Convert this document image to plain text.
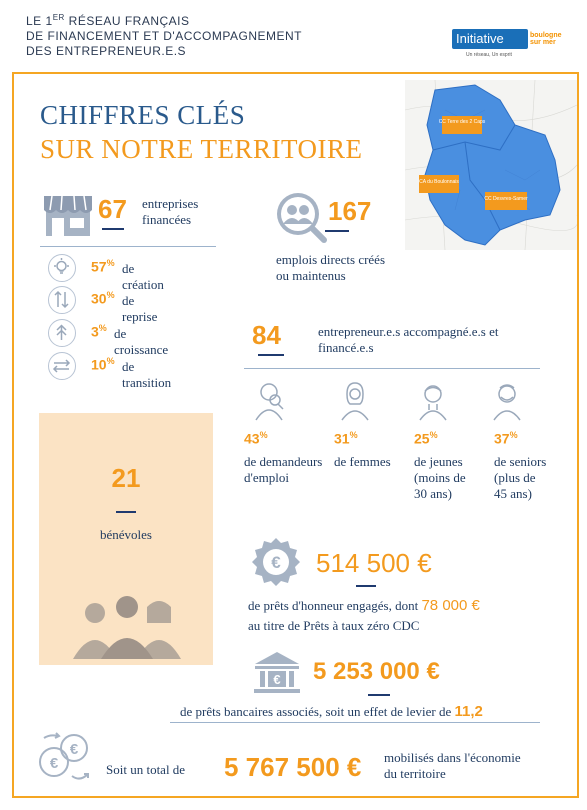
LE 1ER RÉSEAU FRANÇAIS
DE FINANCEMENT ET D'ACCOMPAGNEMENT
DES ENTREPRENEUR.E.S
Initiative	boulogne
sur mer
Un réseau, Un esprit
CHIFFRES CLÉS
SUR NOTRE TERRITOIRE
CC Terre des 2 Caps
CA du Boulonnais
CC Desvres-Samer
67 entreprises
financées
57% de création
30% de reprise
3% de croissance
10% de transition
167
emplois directs créés
ou maintenus
84	entrepreneur.e.s accompagné.e.s et
financé.e.s
43%
de demandeurs
d'emploi
31%
de femmes
25%
de jeunes
(moins de
30 ans)
37%
de seniors
(plus de
45 ans)
21
bénévoles
€ 514 500 €
de prêts d'honneur engagés, dont 78 000 €
au titre de Prêts à taux zéro CDC
€ 5 253 000 €
de prêts bancaires associés, soit un effet de levier de 11,2
€
€
Soit un total de 5 767 500 € mobilisés dans l'économie
du territoire
